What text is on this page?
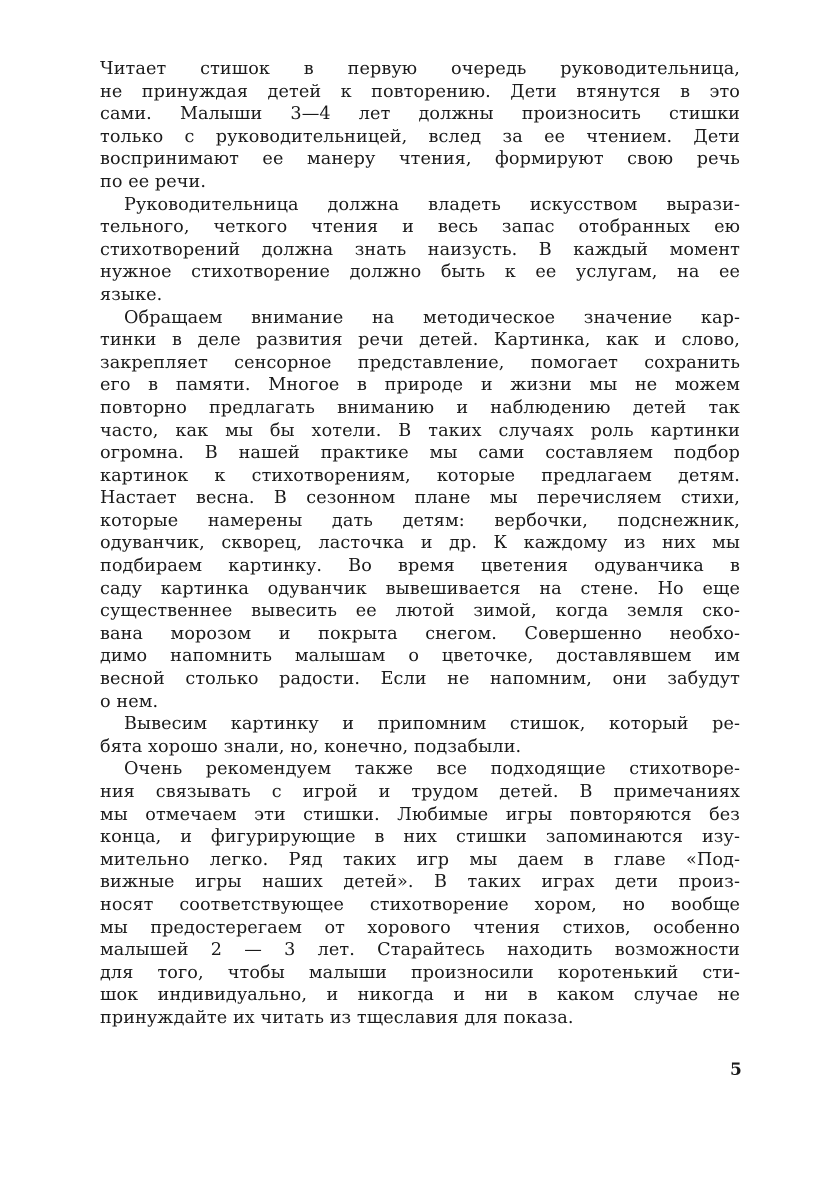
Читает стишок в первую очередь руководительница,
не принуждая детей к повторению. Дети втянутся в это
сами. Малыши 3—4 лет должны произносить стишки
только с руководительницей, вслед за ее чтением. Дети
воспринимают ее манеру чтения, формируют свою речь
по ее речи.
Руководительница должна владеть искусством вырази-
тельного, четкого чтения и весь запас отобранных ею
стихотворений должна знать наизусть. В каждый момент
нужное стихотворение должно быть к ее услугам, на ее
языке.
Обращаем внимание на методическое значение кар-
тинки в деле развития речи детей. Картинка, как и слово,
закрепляет сенсорное представление, помогает сохранить
его в памяти. Многое в природе и жизни мы не можем
повторно предлагать вниманию и наблюдению детей так
часто, как мы бы хотели. В таких случаях роль картинки
огромна. В нашей практике мы сами составляем подбор
картинок к стихотворениям, которые предлагаем детям.
Настает весна. В сезонном плане мы перечисляем стихи,
которые намерены дать детям: вербочки, подснежник,
одуванчик, скворец, ласточка и др. К каждому из них мы
подбираем картинку. Во время цветения одуванчика в
саду картинка одуванчик вывешивается на стене. Но еще
существеннее вывесить ее лютой зимой, когда земля ско-
вана морозом и покрыта снегом. Совершенно необхо-
димо напомнить малышам о цветочке, доставлявшем им
весной столько радости. Если не напомним, они забудут
о нем.
Вывесим картинку и припомним стишок, который ре-
бята хорошо знали, но, конечно, подзабыли.
Очень рекомендуем также все подходящие стихотворе-
ния связывать с игрой и трудом детей. В примечаниях
мы отмечаем эти стишки. Любимые игры повторяются без
конца, и фигурирующие в них стишки запоминаются изу-
мительно легко. Ряд таких игр мы даем в главе «Под-
вижные игры наших детей». В таких играх дети произ-
носят соответствующее стихотворение хором, но вообще
мы предостерегаем от хорового чтения стихов, особенно
малышей 2 — 3 лет. Старайтесь находить возможности
для того, чтобы малыши произносили коротенький сти-
шок индивидуально, и никогда и ни в каком случае не
принуждайте их читать из тщеславия для показа.
5
